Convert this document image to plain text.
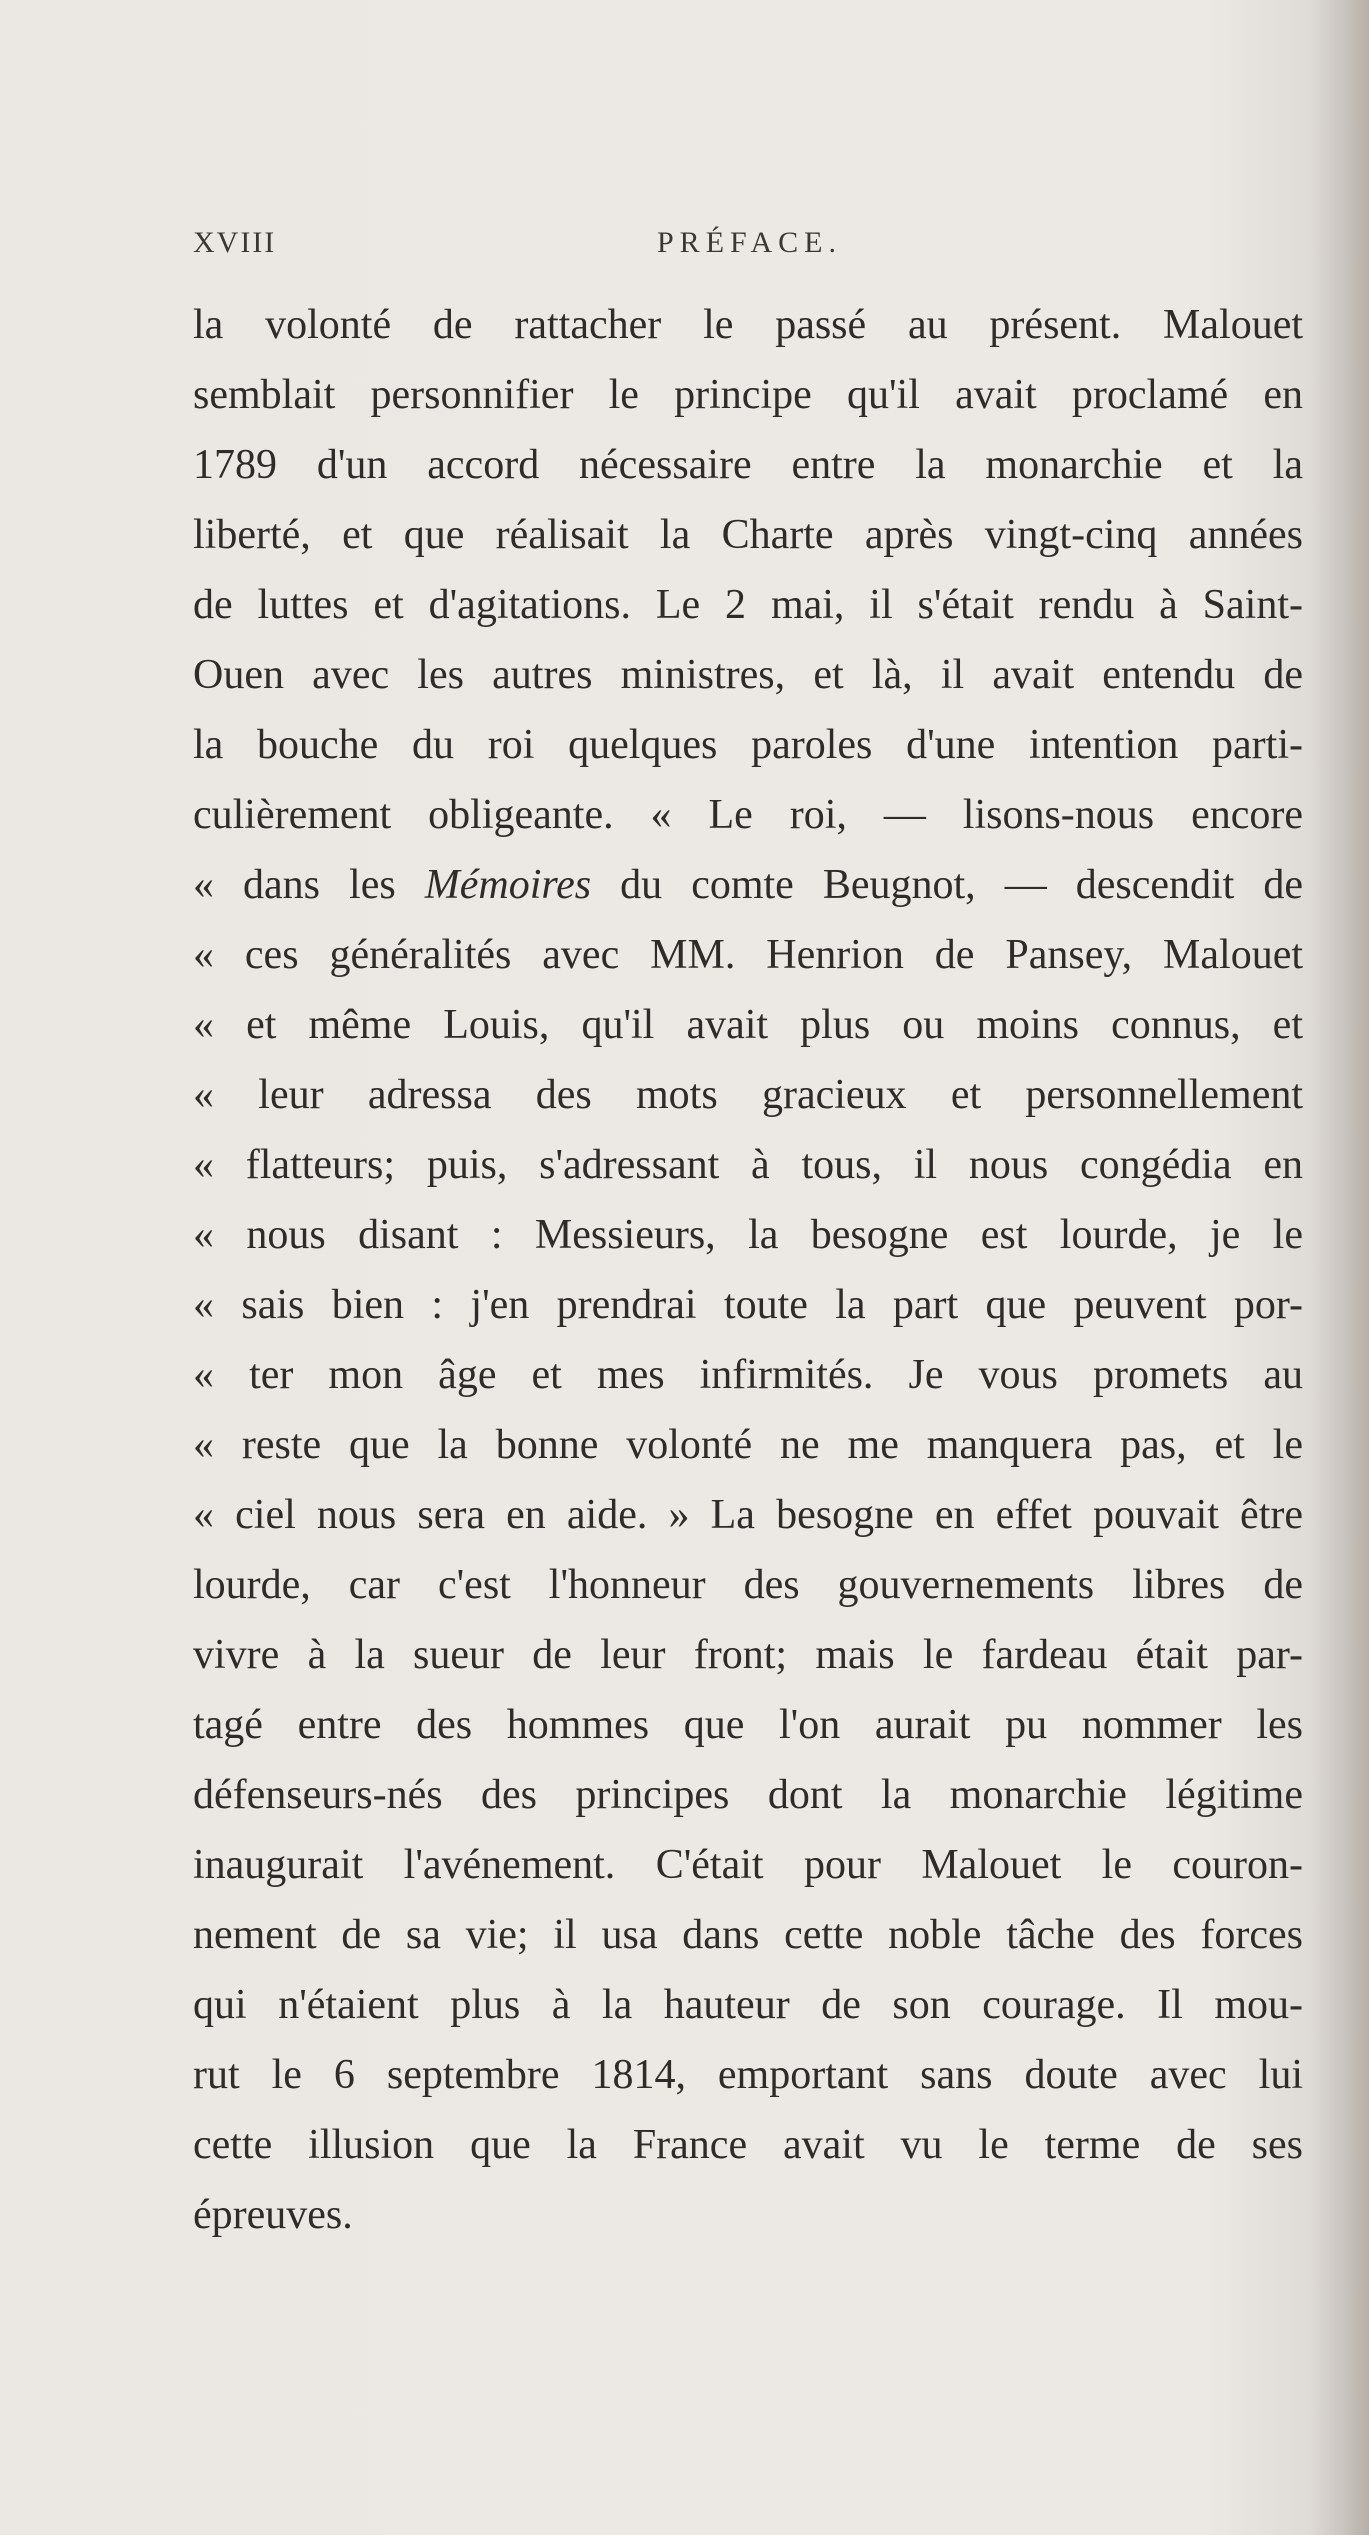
XVIII	PRÉFACE.
la volonté de rattacher le passé au présent. Malouet
semblait personnifier le principe qu'il avait proclamé en
1789 d'un accord nécessaire entre la monarchie et la
liberté, et que réalisait la Charte après vingt-cinq années
de luttes et d'agitations. Le 2 mai, il s'était rendu à Saint-
Ouen avec les autres ministres, et là, il avait entendu de
la bouche du roi quelques paroles d'une intention parti-
culièrement obligeante. « Le roi, — lisons-nous encore
« dans les Mémoires du comte Beugnot, — descendit de
« ces généralités avec MM. Henrion de Pansey, Malouet
« et même Louis, qu'il avait plus ou moins connus, et
« leur adressa des mots gracieux et personnellement
« flatteurs; puis, s'adressant à tous, il nous congédia en
« nous disant : Messieurs, la besogne est lourde, je le
« sais bien : j'en prendrai toute la part que peuvent por-
« ter mon âge et mes infirmités. Je vous promets au
« reste que la bonne volonté ne me manquera pas, et le
« ciel nous sera en aide. » La besogne en effet pouvait être
lourde, car c'est l'honneur des gouvernements libres de
vivre à la sueur de leur front; mais le fardeau était par-
tagé entre des hommes que l'on aurait pu nommer les
défenseurs-nés des principes dont la monarchie légitime
inaugurait l'avénement. C'était pour Malouet le couron-
nement de sa vie; il usa dans cette noble tâche des forces
qui n'étaient plus à la hauteur de son courage. Il mou-
rut le 6 septembre 1814, emportant sans doute avec lui
cette illusion que la France avait vu le terme de ses
épreuves.
